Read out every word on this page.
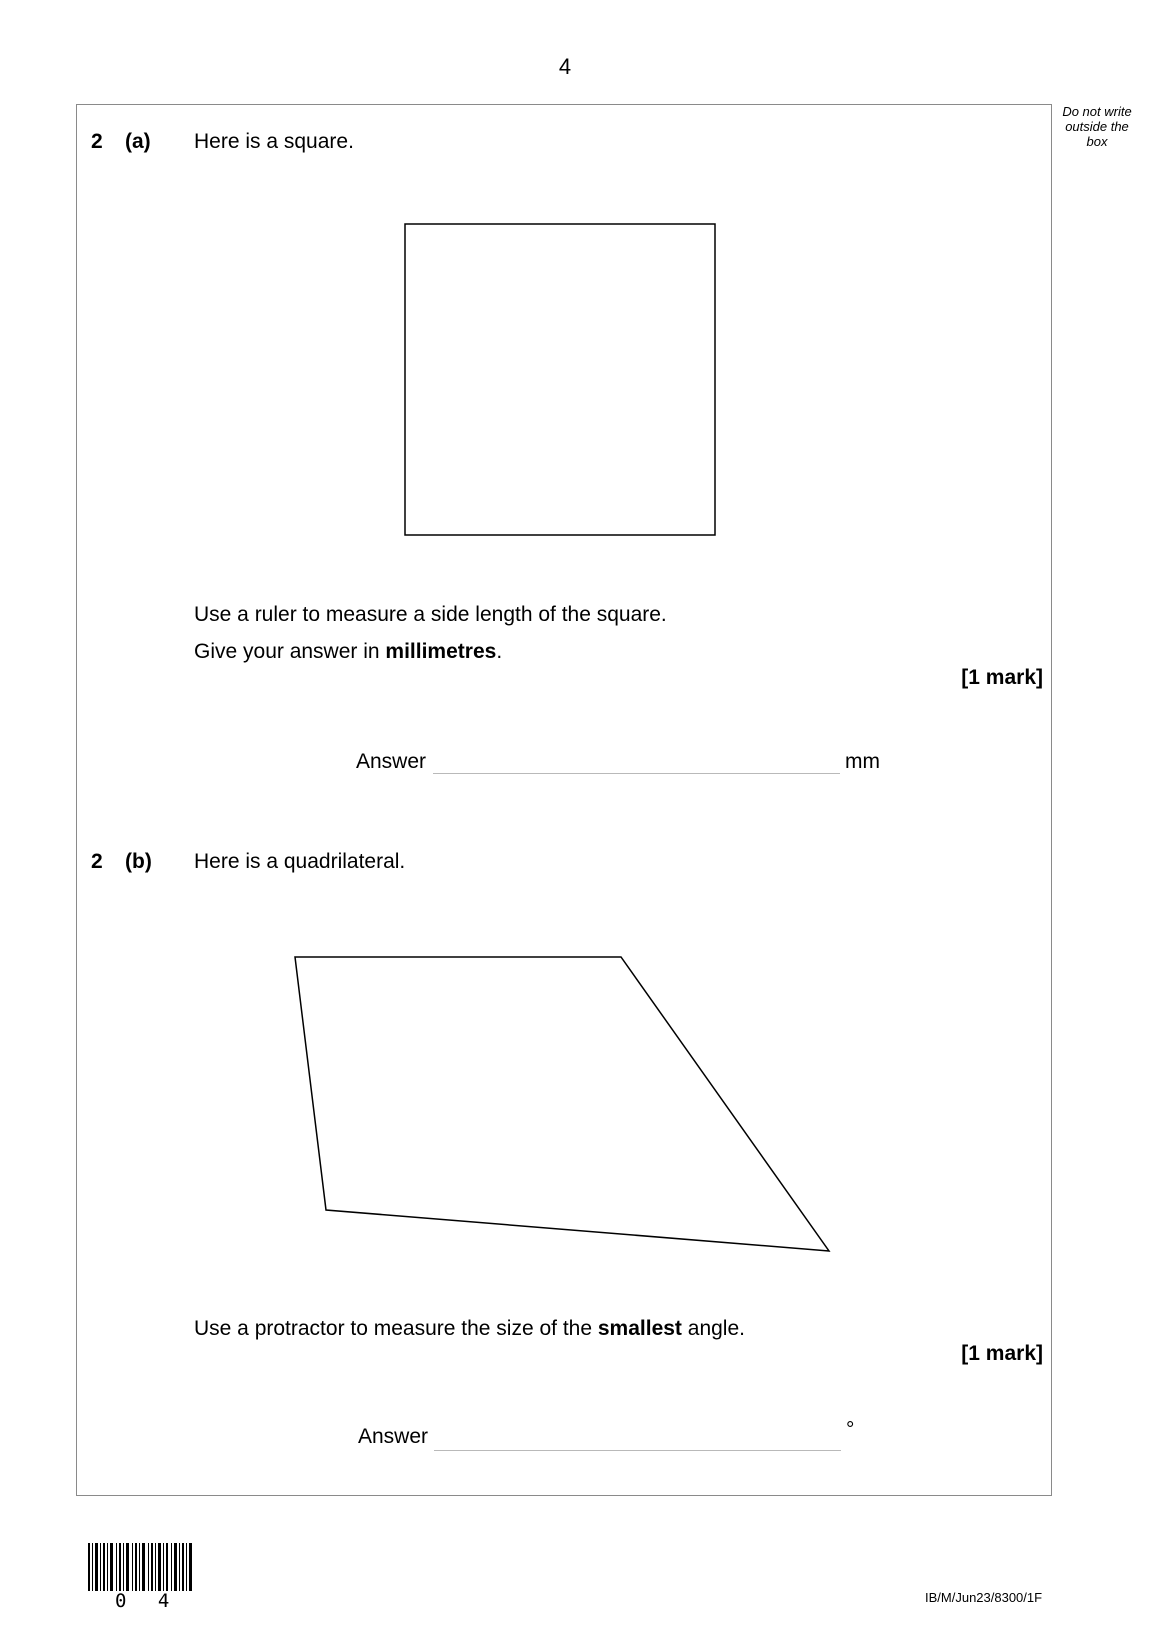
4
Do not write outside the box
2 (a) Here is a square.
Use a ruler to measure a side length of the square.
Give your answer in millimetres.
[1 mark]
Answer	mm
2 (b) Here is a quadrilateral.
Use a protractor to measure the size of the smallest angle.
[1 mark]
Answer	°
0 4	IB/M/Jun23/8300/1F
